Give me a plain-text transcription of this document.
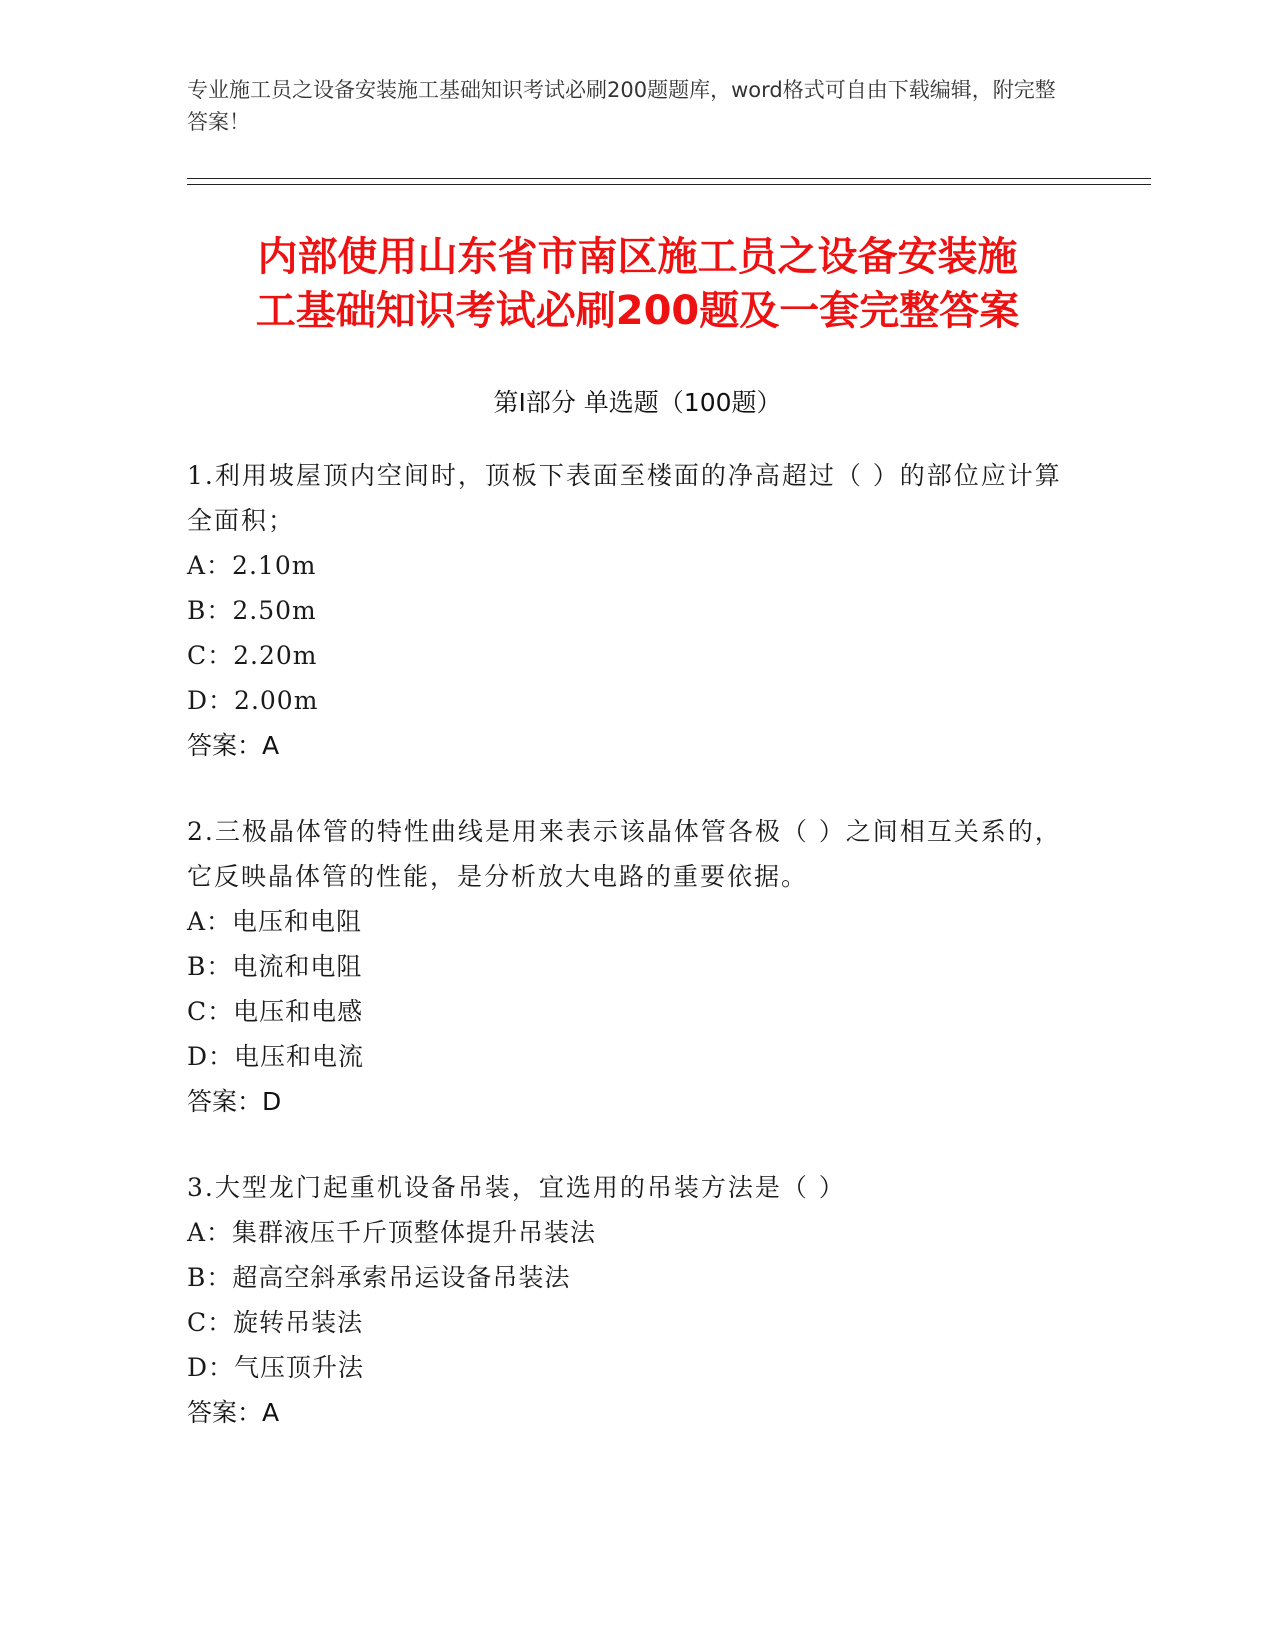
专业施工员之设备安装施工基础知识考试必刷200题题库，word格式可自由下载编辑，附完整答案！
内部使用山东省市南区施工员之设备安装施
工基础知识考试必刷200题及一套完整答案
第Ⅰ部分 单选题（100题）
1.利用坡屋顶内空间时，顶板下表面至楼面的净高超过（ ）的部位应计算全面积；
A：2.10m
B：2.50m
C：2.20m
D：2.00m
答案：A
2.三极晶体管的特性曲线是用来表示该晶体管各极（ ）之间相互关系的，它反映晶体管的性能，是分析放大电路的重要依据。
A：电压和电阻
B：电流和电阻
C：电压和电感
D：电压和电流
答案：D
3.大型龙门起重机设备吊装，宜选用的吊装方法是（ ）
A：集群液压千斤顶整体提升吊装法
B：超高空斜承索吊运设备吊装法
C：旋转吊装法
D：气压顶升法
答案：A
